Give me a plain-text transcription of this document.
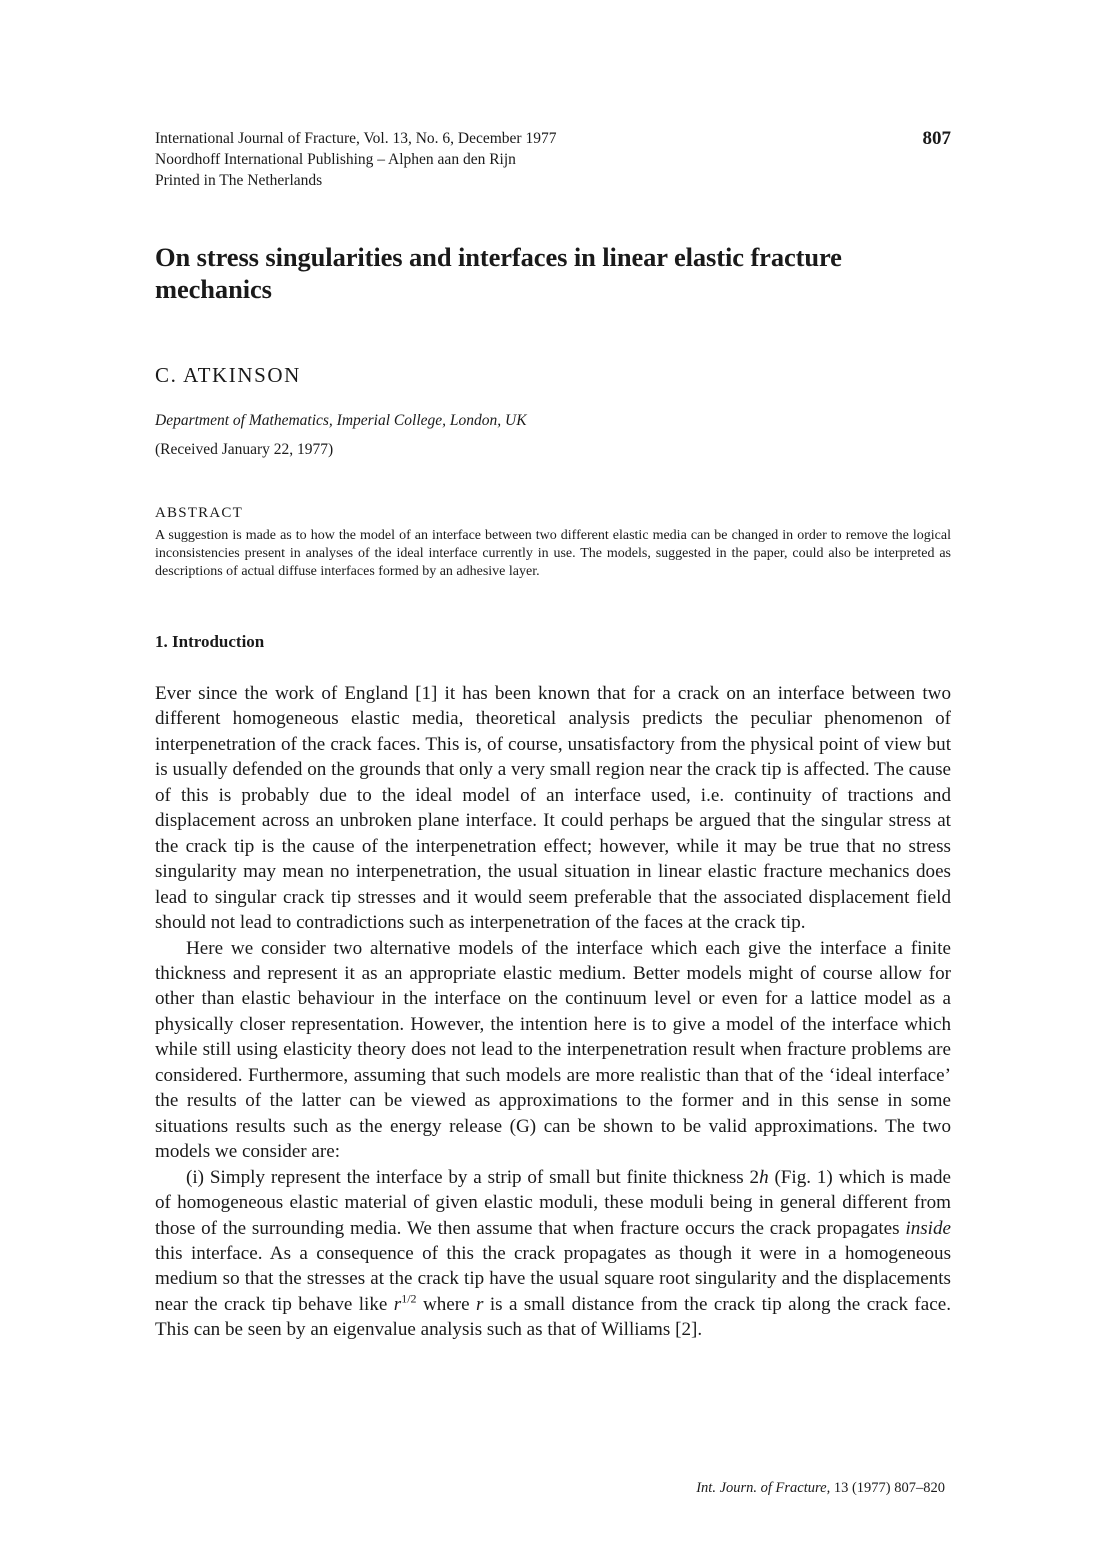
International Journal of Fracture, Vol. 13, No. 6, December 1977
Noordhoff International Publishing – Alphen aan den Rijn
Printed in The Netherlands
807
On stress singularities and interfaces in linear elastic fracture mechanics
C. ATKINSON
Department of Mathematics, Imperial College, London, UK
(Received January 22, 1977)
ABSTRACT

A suggestion is made as to how the model of an interface between two different elastic media can be changed in order to remove the logical inconsistencies present in analyses of the ideal interface currently in use. The models, suggested in the paper, could also be interpreted as descriptions of actual diffuse interfaces formed by an adhesive layer.

1. Introduction

Ever since the work of England [1] it has been known that for a crack on an interface between two different homogeneous elastic media, theoretical analysis predicts the peculiar phenomenon of interpenetration of the crack faces. This is, of course, unsatisfactory from the physical point of view but is usually defended on the grounds that only a very small region near the crack tip is affected. The cause of this is probably due to the ideal model of an interface used, i.e. continuity of tractions and displacement across an unbroken plane interface. It could perhaps be argued that the singular stress at the crack tip is the cause of the interpenetration effect; however, while it may be true that no stress singularity may mean no interpenetration, the usual situation in linear elastic fracture mechanics does lead to singular crack tip stresses and it would seem preferable that the associated displacement field should not lead to contradictions such as interpenetration of the faces at the crack tip.

Here we consider two alternative models of the interface which each give the interface a finite thickness and represent it as an appropriate elastic medium. Better models might of course allow for other than elastic behaviour in the interface on the continuum level or even for a lattice model as a physically closer representation. However, the intention here is to give a model of the interface which while still using elasticity theory does not lead to the interpenetration result when fracture problems are considered. Furthermore, assuming that such models are more realistic than that of the ‘ideal interface’ the results of the latter can be viewed as approximations to the former and in this sense in some situations results such as the energy release (G) can be shown to be valid approximations. The two models we consider are:

(i) Simply represent the interface by a strip of small but finite thickness 2h (Fig. 1) which is made of homogeneous elastic material of given elastic moduli, these moduli being in general different from those of the surrounding media. We then assume that when fracture occurs the crack propagates inside this interface. As a consequence of this the crack propagates as though it were in a homogeneous medium so that the stresses at the crack tip have the usual square root singularity and the displacements near the crack tip behave like $r^{1/2}$ where r is a small distance from the crack tip along the crack face. This can be seen by an eigenvalue analysis such as that of Williams [2].

Int. Journ. of Fracture, 13 (1977) 807–820
